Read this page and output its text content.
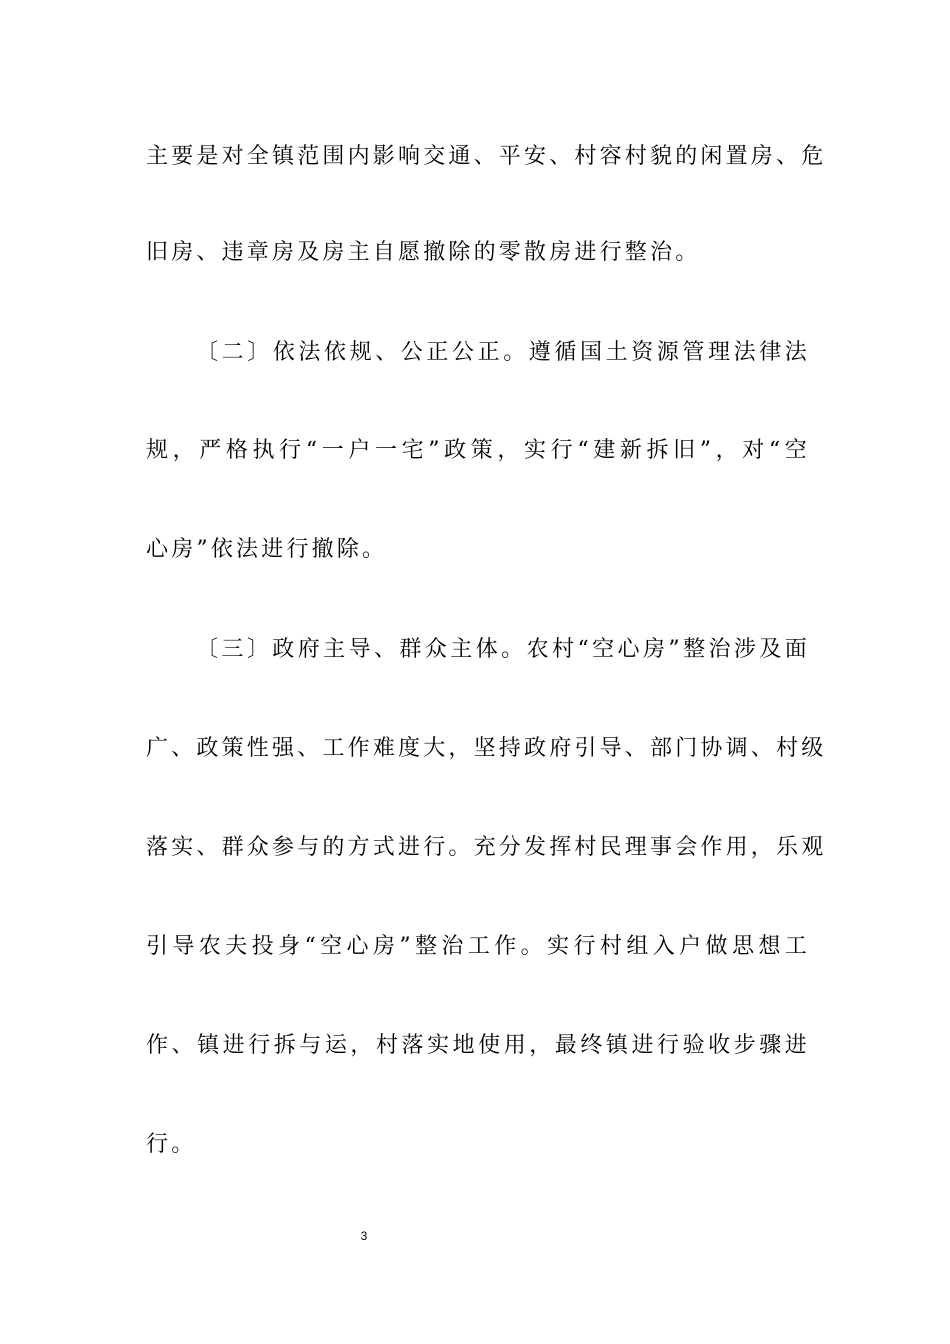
主要是对全镇范围内影响交通、平安、村容村貌的闲置房、危
旧房、违章房及房主自愿撤除的零散房进行整治。
〔二〕依法依规、公正公正。遵循国土资源管理法律法
规，严格执行“一户一宅”政策，实行“建新拆旧”，对“空
心房”依法进行撤除。
〔三〕政府主导、群众主体。农村“空心房”整治涉及面
广、政策性强、工作难度大，坚持政府引导、部门协调、村级
落实、群众参与的方式进行。充分发挥村民理事会作用，乐观
引导农夫投身“空心房”整治工作。实行村组入户做思想工
作、镇进行拆与运，村落实地使用，最终镇进行验收步骤进
行。
3
